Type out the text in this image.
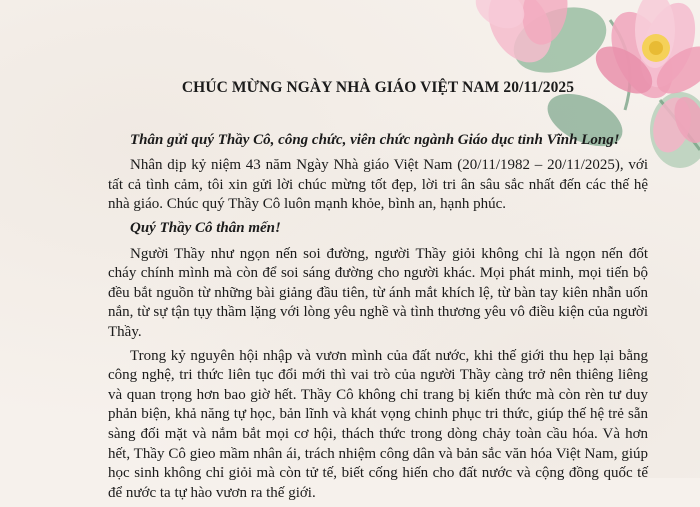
CHÚC MỪNG NGÀY NHÀ GIÁO VIỆT NAM 20/11/2025

Thân gửi quý Thầy Cô, công chức, viên chức ngành Giáo dục tỉnh Vĩnh Long!

Nhân dịp kỷ niệm 43 năm Ngày Nhà giáo Việt Nam (20/11/1982 – 20/11/2025), với tất cả tình cảm, tôi xin gửi lời chúc mừng tốt đẹp, lời tri ân sâu sắc nhất đến các thế hệ nhà giáo. Chúc quý Thầy Cô luôn mạnh khỏe, bình an, hạnh phúc.

Quý Thầy Cô thân mến!

Người Thầy như ngọn nến soi đường, người Thầy giỏi không chỉ là ngọn nến đốt cháy chính mình mà còn để soi sáng đường cho người khác. Mọi phát minh, mọi tiến bộ đều bắt nguồn từ những bài giảng đầu tiên, từ ánh mắt khích lệ, từ bàn tay kiên nhẫn uốn nắn, từ sự tận tụy thầm lặng với lòng yêu nghề và tình thương yêu vô điều kiện của người Thầy.

Trong kỷ nguyên hội nhập và vươn mình của đất nước, khi thế giới thu hẹp lại bằng công nghệ, tri thức liên tục đổi mới thì vai trò của người Thầy càng trở nên thiêng liêng và quan trọng hơn bao giờ hết. Thầy Cô không chỉ trang bị kiến thức mà còn rèn tư duy phản biện, khả năng tự học, bản lĩnh và khát vọng chinh phục tri thức, giúp thế hệ trẻ sẵn sàng đối mặt và nắm bắt mọi cơ hội, thách thức trong dòng chảy toàn cầu hóa. Và hơn hết, Thầy Cô gieo mầm nhân ái, trách nhiệm công dân và bản sắc văn hóa Việt Nam, giúp học sinh không chỉ giỏi mà còn tử tế, biết cống hiến cho đất nước và cộng đồng quốc tế để nước ta tự hào vươn ra thế giới.
